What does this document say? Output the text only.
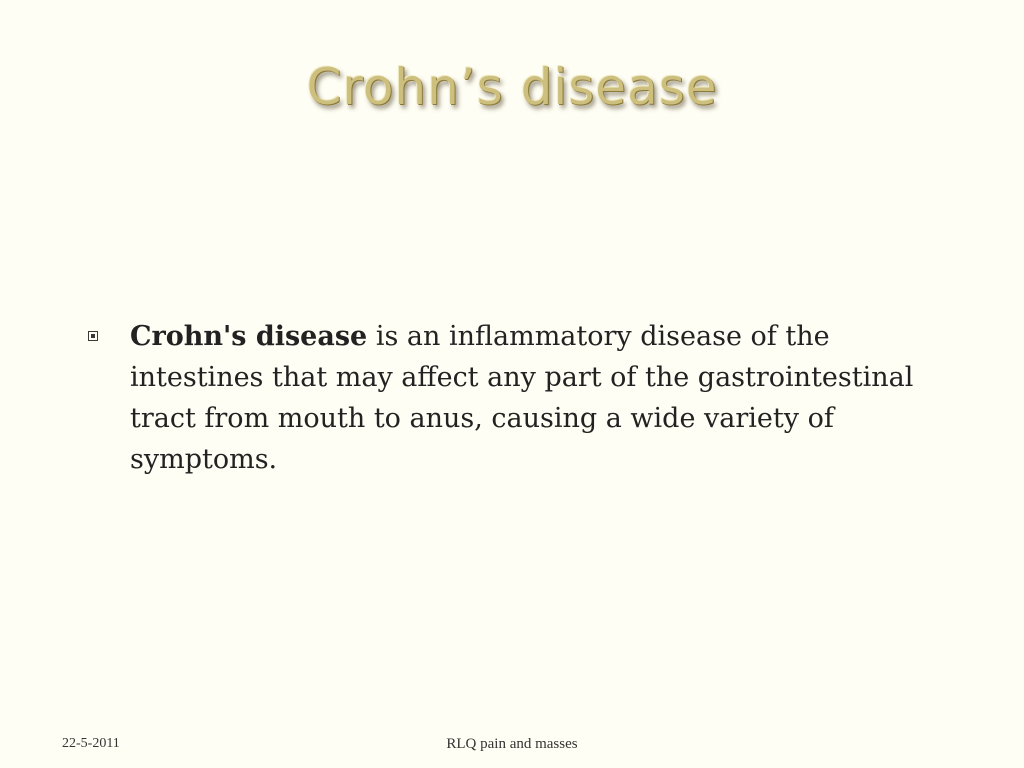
Crohn’s disease
Crohn's disease is an inflammatory disease of the intestines that may affect any part of the gastrointestinal tract from mouth to anus, causing a wide variety of symptoms.
22-5-2011	RLQ pain and masses
